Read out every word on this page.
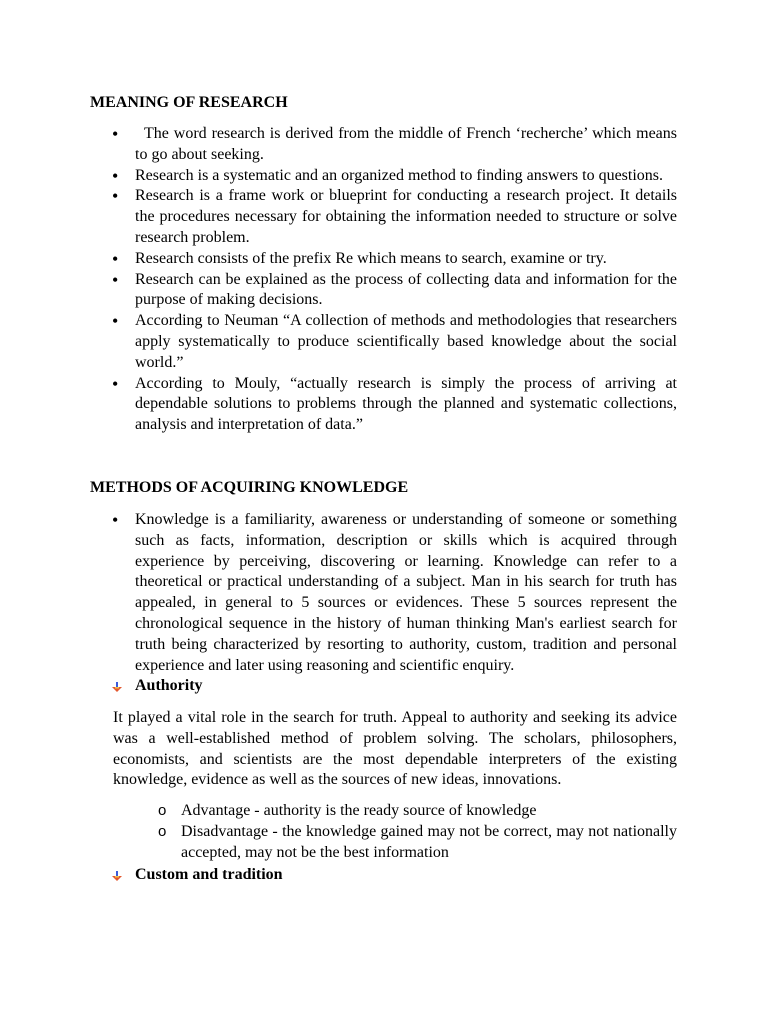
MEANING OF RESEARCH
• The word research is derived from the middle of French ‘recherche’ which means to go about seeking.
• Research is a systematic and an organized method to finding answers to questions.
• Research is a frame work or blueprint for conducting a research project. It details the procedures necessary for obtaining the information needed to structure or solve research problem.
• Research consists of the prefix Re which means to search, examine or try.
• Research can be explained as the process of collecting data and information for the purpose of making decisions.
• According to Neuman “A collection of methods and methodologies that researchers apply systematically to produce scientifically based knowledge about the social world.”
• According to Mouly, “actually research is simply the process of arriving at dependable solutions to problems through the planned and systematic collections, analysis and interpretation of data.”
METHODS OF ACQUIRING KNOWLEDGE
• Knowledge is a familiarity, awareness or understanding of someone or something such as facts, information, description or skills which is acquired through experience by perceiving, discovering or learning. Knowledge can refer to a theoretical or practical understanding of a subject. Man in his search for truth has appealed, in general to 5 sources or evidences. These 5 sources represent the chronological sequence in the history of human thinking Man's earliest search for truth being characterized by resorting to authority, custom, tradition and personal experience and later using reasoning and scientific enquiry.
Authority

It played a vital role in the search for truth. Appeal to authority and seeking its advice was a well-established method of problem solving. The scholars, philosophers, economists, and scientists are the most dependable interpreters of the existing knowledge, evidence as well as the sources of new ideas, innovations.

o Advantage - authority is the ready source of knowledge
o Disadvantage - the knowledge gained may not be correct, may not nationally accepted, may not be the best information
Custom and tradition
